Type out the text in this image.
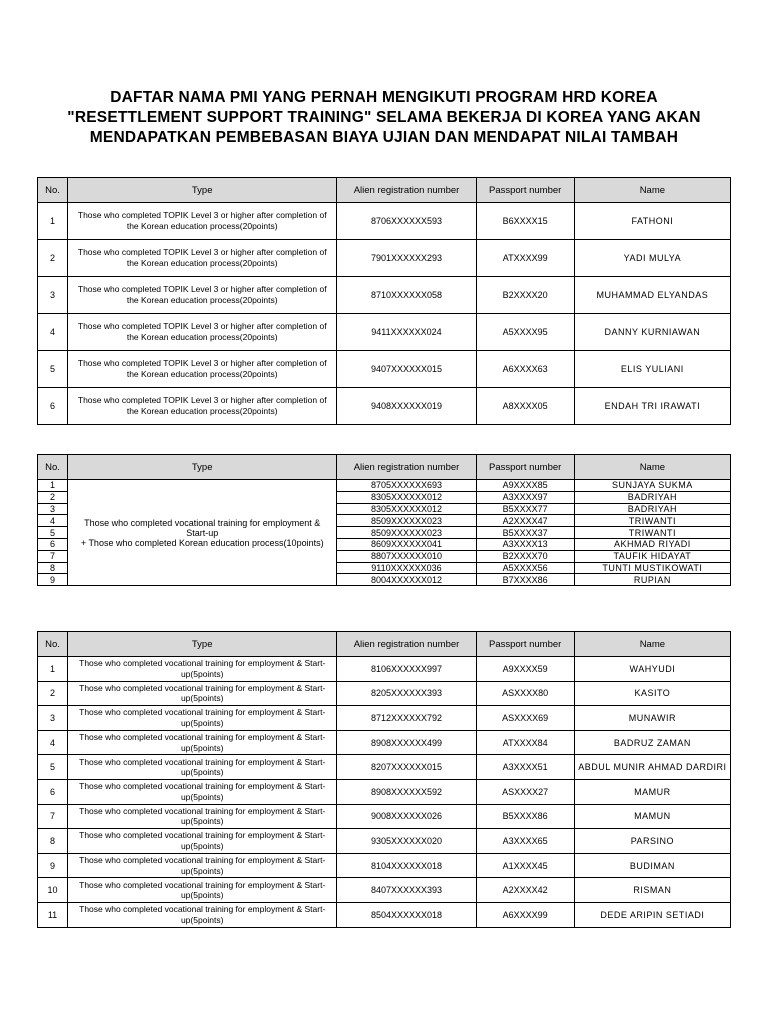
DAFTAR NAMA PMI YANG PERNAH MENGIKUTI PROGRAM HRD KOREA
"RESETTLEMENT SUPPORT TRAINING" SELAMA BEKERJA DI KOREA YANG AKAN
MENDAPATKAN PEMBEBASAN BIAYA UJIAN DAN MENDAPAT NILAI TAMBAH
No.	Type	Alien registration number	Passport number	Name
1	Those who completed TOPIK Level 3 or higher after completion of the Korean education process(20points)	8706XXXXXX593	B6XXXX15	FATHONI
2	Those who completed TOPIK Level 3 or higher after completion of the Korean education process(20points)	7901XXXXXX293	ATXXXX99	YADI MULYA
3	Those who completed TOPIK Level 3 or higher after completion of the Korean education process(20points)	8710XXXXXX058	B2XXXX20	MUHAMMAD ELYANDAS
4	Those who completed TOPIK Level 3 or higher after completion of the Korean education process(20points)	9411XXXXXX024	A5XXXX95	DANNY KURNIAWAN
5	Those who completed TOPIK Level 3 or higher after completion of the Korean education process(20points)	9407XXXXXX015	A6XXXX63	ELIS YULIANI
6	Those who completed TOPIK Level 3 or higher after completion of the Korean education process(20points)	9408XXXXXX019	A8XXXX05	ENDAH TRI IRAWATI
No.	Type	Alien registration number	Passport number	Name
1	Those who completed vocational training for employment & Start-up
+ Those who completed Korean education process(10points)	8705XXXXXX693	A9XXXX85	SUNJAYA SUKMA
2		8305XXXXXX012	A3XXXX97	BADRIYAH
3		8305XXXXXX012	B5XXXX77	BADRIYAH
4		8509XXXXXX023	A2XXXX47	TRIWANTI
5		8509XXXXXX023	B5XXXX37	TRIWANTI
6		8609XXXXXX041	A3XXXX13	AKHMAD RIYADI
7		8807XXXXXX010	B2XXXX70	TAUFIK HIDAYAT
8		9110XXXXXX036	A5XXXX56	TUNTI MUSTIKOWATI
9		8004XXXXXX012	B7XXXX86	RUPIAN
No.	Type	Alien registration number	Passport number	Name
1	Those who completed vocational training for employment & Start-up(5points)	8106XXXXXX997	A9XXXX59	WAHYUDI
2	Those who completed vocational training for employment & Start-up(5points)	8205XXXXXX393	ASXXXX80	KASITO
3	Those who completed vocational training for employment & Start-up(5points)	8712XXXXXX792	ASXXXX69	MUNAWIR
4	Those who completed vocational training for employment & Start-up(5points)	8908XXXXXX499	ATXXXX84	BADRUZ ZAMAN
5	Those who completed vocational training for employment & Start-up(5points)	8207XXXXXX015	A3XXXX51	ABDUL MUNIR AHMAD DARDIRI
6	Those who completed vocational training for employment & Start-up(5points)	8908XXXXXX592	ASXXXX27	MAMUR
7	Those who completed vocational training for employment & Start-up(5points)	9008XXXXXX026	B5XXXX86	MAMUN
8	Those who completed vocational training for employment & Start-up(5points)	9305XXXXXX020	A3XXXX65	PARSINO
9	Those who completed vocational training for employment & Start-up(5points)	8104XXXXXX018	A1XXXX45	BUDIMAN
10	Those who completed vocational training for employment & Start-up(5points)	8407XXXXXX393	A2XXXX42	RISMAN
11	Those who completed vocational training for employment & Start-up(5points)	8504XXXXXX018	A6XXXX99	DEDE ARIPIN SETIADI
